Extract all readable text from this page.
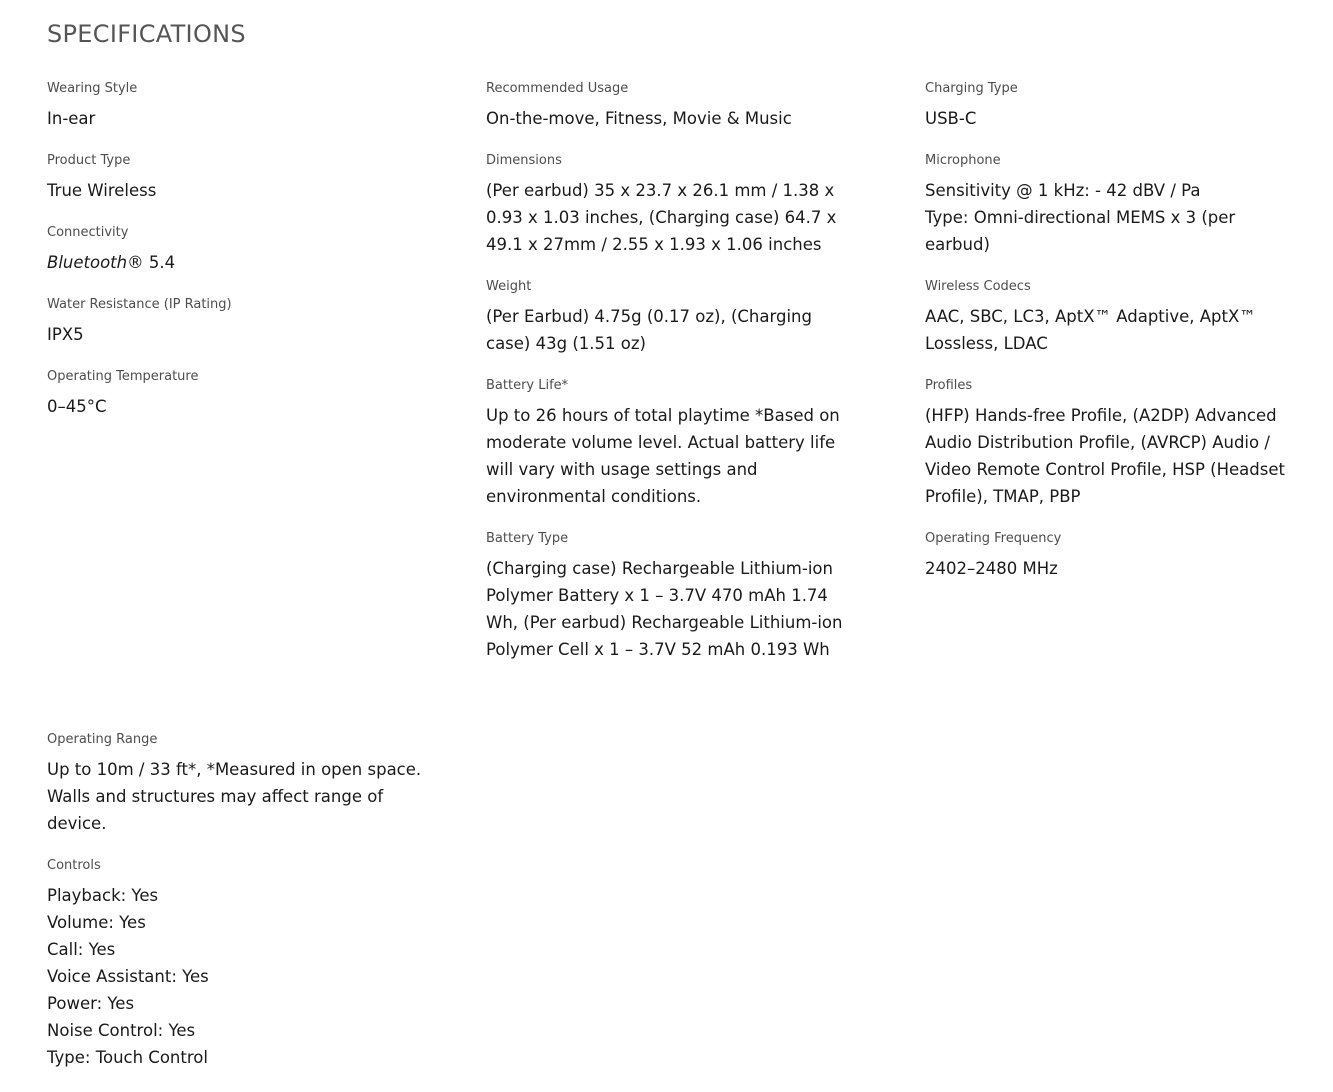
SPECIFICATIONS
Wearing Style
In-ear
Product Type
True Wireless
Connectivity
Bluetooth® 5.4
Water Resistance (IP Rating)
IPX5
Operating Temperature
0–45°C
Recommended Usage
On-the-move, Fitness, Movie & Music
Dimensions
(Per earbud) 35 x 23.7 x 26.1 mm / 1.38 x 0.93 x 1.03 inches, (Charging case) 64.7 x 49.1 x 27mm / 2.55 x 1.93 x 1.06 inches
Weight
(Per Earbud) 4.75g (0.17 oz), (Charging case) 43g (1.51 oz)
Battery Life*
Up to 26 hours of total playtime *Based on moderate volume level. Actual battery life will vary with usage settings and environmental conditions.
Battery Type
(Charging case) Rechargeable Lithium-ion Polymer Battery x 1 – 3.7V 470 mAh 1.74 Wh, (Per earbud) Rechargeable Lithium-ion Polymer Cell x 1 – 3.7V 52 mAh 0.193 Wh
Charging Type
USB-C
Microphone
Sensitivity @ 1 kHz: - 42 dBV / Pa
Type: Omni-directional MEMS x 3 (per earbud)
Wireless Codecs
AAC, SBC, LC3, AptX™ Adaptive, AptX™ Lossless, LDAC
Profiles
(HFP) Hands-free Profile, (A2DP) Advanced Audio Distribution Profile, (AVRCP) Audio / Video Remote Control Profile, HSP (Headset Profile), TMAP, PBP
Operating Frequency
2402–2480 MHz
Operating Range
Up to 10m / 33 ft*, *Measured in open space. Walls and structures may affect range of device.
Controls
Playback: Yes
Volume: Yes
Call: Yes
Voice Assistant: Yes
Power: Yes
Noise Control: Yes
Type: Touch Control
